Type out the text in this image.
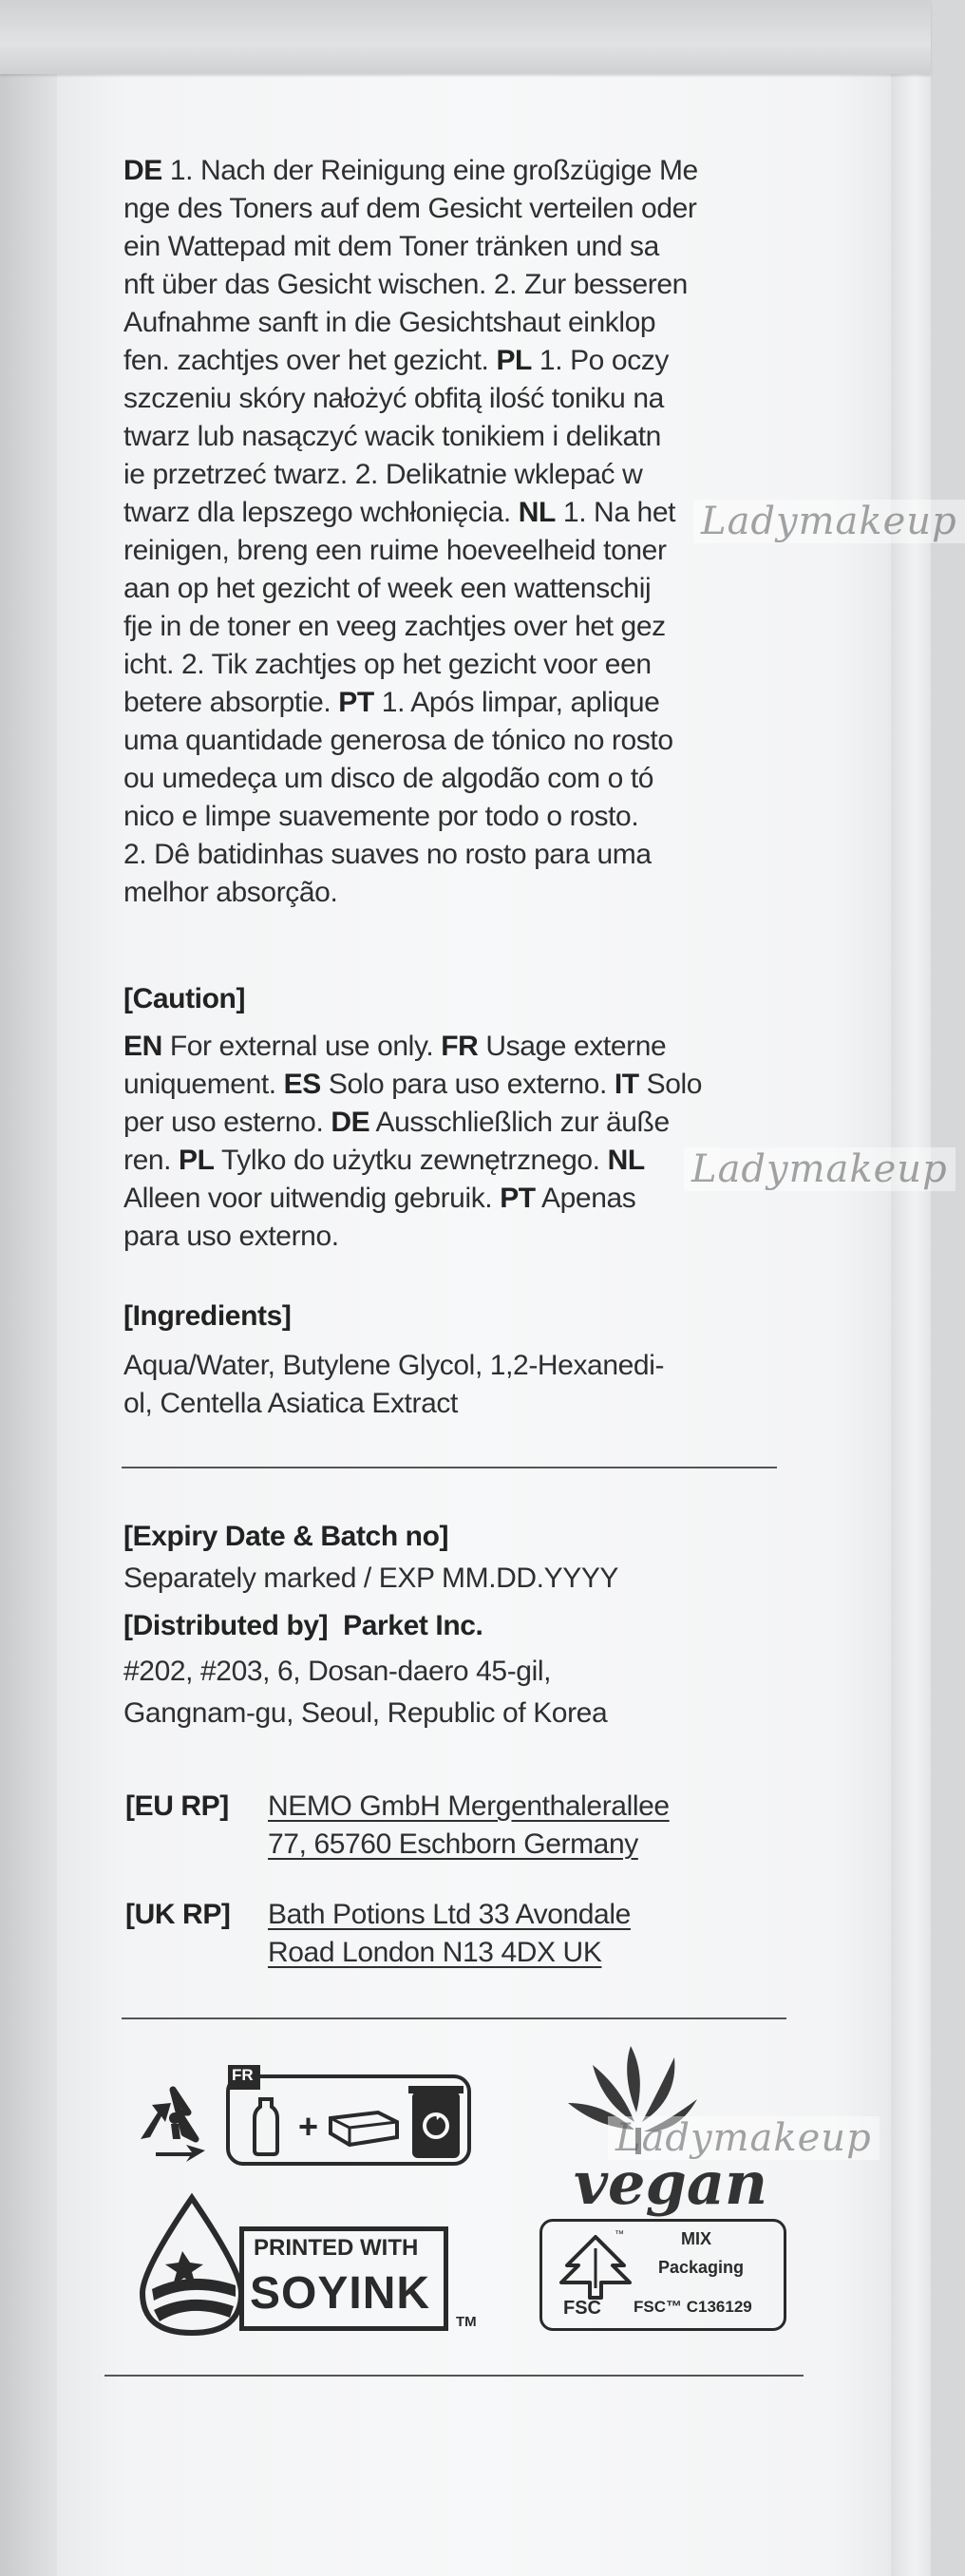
DE 1. Nach der Reinigung eine großzügige Me
nge des Toners auf dem Gesicht verteilen oder
ein Wattepad mit dem Toner tränken und sa
nft über das Gesicht wischen. 2. Zur besseren
Aufnahme sanft in die Gesichtshaut einklop
fen. zachtjes over het gezicht. PL 1. Po oczy
szczeniu skóry nałożyć obfitą ilość toniku na
twarz lub nasączyć wacik tonikiem i delikatn
ie przetrzeć twarz. 2. Delikatnie wklepać w
twarz dla lepszego wchłonięcia. NL 1. Na het
reinigen, breng een ruime hoeveelheid toner
aan op het gezicht of week een wattenschij
fje in de toner en veeg zachtjes over het gez
icht. 2. Tik zachtjes op het gezicht voor een
betere absorptie. PT 1. Após limpar, aplique
uma quantidade generosa de tónico no rosto
ou umedeça um disco de algodão com o tó
nico e limpe suavemente por todo o rosto.
2. Dê batidinhas suaves no rosto para uma
melhor absorção.
[Caution]
EN For external use only. FR Usage externe
uniquement. ES Solo para uso externo. IT Solo
per uso esterno. DE Ausschließlich zur äuße
ren. PL Tylko do użytku zewnętrznego. NL
Alleen voor uitwendig gebruik. PT Apenas
para uso externo.
[Ingredients]
Aqua/Water, Butylene Glycol, 1,2-Hexanedi-
ol, Centella Asiatica Extract
[Expiry Date & Batch no]
Separately marked / EXP MM.DD.YYYY
[Distributed by] Parket Inc.
#202, #203, 6, Dosan-daero 45-gil,
Gangnam-gu, Seoul, Republic of Korea
[EU RP] NEMO GmbH Mergenthalerallee
77, 65760 Eschborn Germany
[UK RP] Bath Potions Ltd 33 Avondale
Road London N13 4DX UK
FR
+
vegan
PRINTED WITH
SOYINK
TM
™
FSC
MIX
Packaging
FSC™ C136129
Ladymakeup
Ladymakeup
Ladymakeup
